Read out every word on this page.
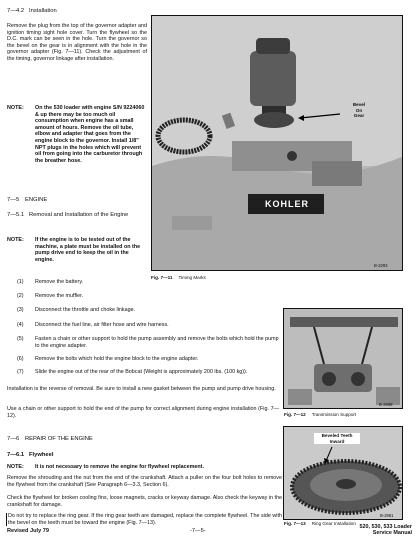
7—4.2 Installation
Remove the plug from the top of the governor adapter and ignition timing sight hole cover. Turn the flywheel so the D.C. mark can be seen in the hole. Turn the governor so the bevel on the gear is in alignment with the hole in the governor adapter (Fig. 7—11). Check the adjustment of the timing, governor linkage after installation.
NOTE: On the 530 loader with engine S/N 9224060 & up there may be too much oil consumption when engine has a small amount of hours. Remove the oil tube, elbow and adapter that goes from the engine block to the governor. Install 1/8" NPT plugs in the holes which will prevent oil from going into the carburetor through the breather hose.
7—5 ENGINE
7—5.1 Removal and Installation of the Engine
NOTE: If the engine is to be tested out of the machine, a plate must be installed on the pump drive end to keep the oil in the engine.
(1)	Remove the battery.
(2)	Remove the muffler.
(3)	Disconnect the throttle and choke linkage.
(4)	Disconnect the fuel line, air filter hose and wire harness.
(5)	Fasten a chain or other support to hold the pump assembly and remove the bolts which hold the pump to the engine adapter.
(6)	Remove the bolts which hold the engine block to the engine adapter.
(7)	Slide the engine out of the rear of the Bobcat (Weight is approximately 200 lbs. (100 kg)).
Installation is the reverse of removal. Be sure to install a new gasket between the pump and pump drive housing.
Use a chain or other support to hold the end of the pump for correct alignment during engine installation (Fig. 7—12).
7—6 REPAIR OF THE ENGINE
7—6.1 Flywheel
NOTE: It is not necessary to remove the engine for flywheel replacement.
Remove the shrouding and the nut from the end of the crankshaft. Attach a puller on the four bolt holes to remove the flywheel from the crankshaft (See Paragraph 6—3.3, Section 6).
Check the flywheel for broken cooling fins, loose magnets, cracks or keyway damage. Also check the keyway in the crankshaft for damage.
Do not try to replace the ring gear. If the ring gear teeth are damaged, replace the complete flywheel. The side with the bevel on the teeth must be toward the engine (Fig. 7—13).
Revised July 79	-7—5-
Bevel
On
Gear
KOHLER
B-2293
Fig. 7—11 Timing Marks
B-2908
Fig. 7—12 Transmission Support
Beveled Teeth
Inward
B-2981
Fig. 7—13 Ring Gear Installation
520, 530, 533 Loader
Service Manual
